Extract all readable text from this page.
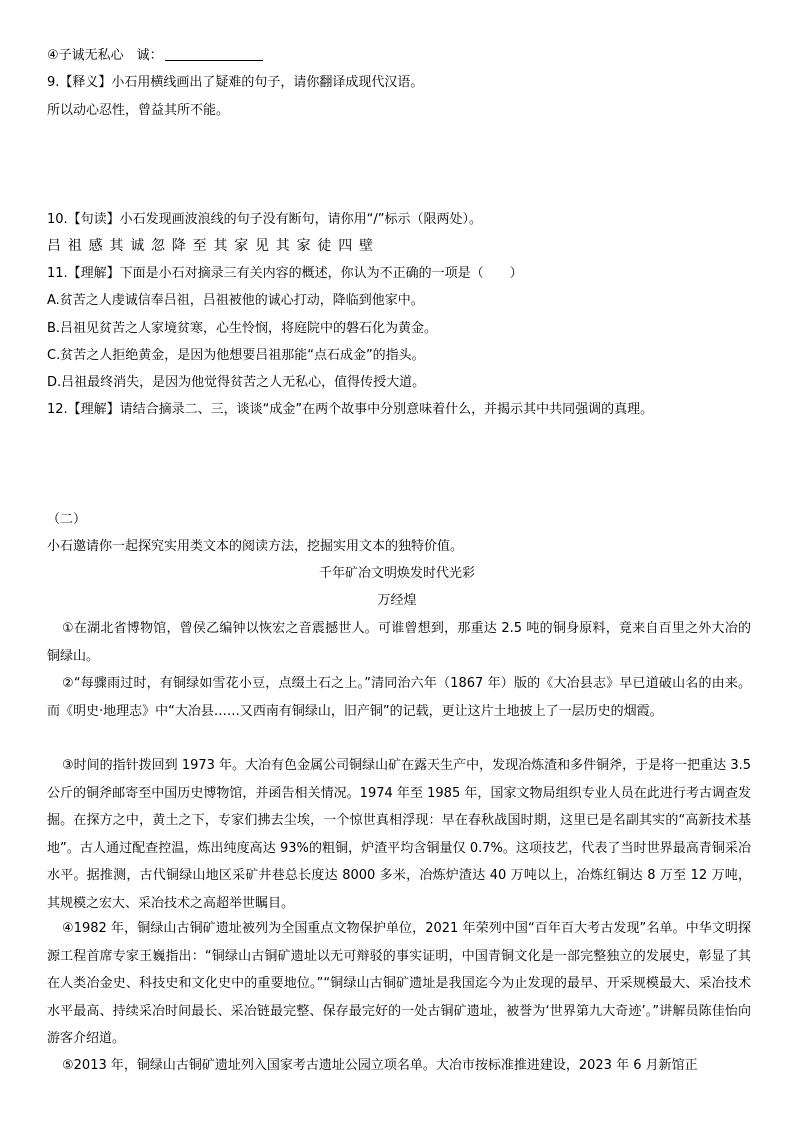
④子诚无私心　诚：
9.【释义】小石用横线画出了疑难的句子，请你翻译成现代汉语。
所以动心忍性，曾益其所不能。
10.【句读】小石发现画波浪线的句子没有断句，请你用“/”标示（限两处）。
吕祖感其诚忽降至其家见其家徒四壁
11.【理解】下面是小石对摘录三有关内容的概述，你认为不正确的一项是（　　）
A.贫苦之人虔诚信奉吕祖，吕祖被他的诚心打动，降临到他家中。
B.吕祖见贫苦之人家境贫寒，心生怜悯，将庭院中的磐石化为黄金。
C.贫苦之人拒绝黄金，是因为他想要吕祖那能“点石成金”的指头。
D.吕祖最终消失，是因为他觉得贫苦之人无私心，值得传授大道。
12.【理解】请结合摘录二、三，谈谈“成金”在两个故事中分别意味着什么，并揭示其中共同强调的真理。
（二）
小石邀请你一起探究实用类文本的阅读方法，挖掘实用文本的独特价值。
千年矿冶文明焕发时代光彩
万经煌
①在湖北省博物馆，曾侯乙编钟以恢宏之音震撼世人。可谁曾想到，那重达 2.5 吨的铜身原料，竟来自百里之外大冶的铜绿山。
②“每骤雨过时，有铜绿如雪花小豆，点缀土石之上。”清同治六年（1867 年）版的《大冶县志》早已道破山名的由来。而《明史·地理志》中“大冶县……又西南有铜绿山，旧产铜”的记载，更让这片土地披上了一层历史的烟霞。
③时间的指针拨回到 1973 年。大冶有色金属公司铜绿山矿在露天生产中，发现冶炼渣和多件铜斧，于是将一把重达 3.5 公斤的铜斧邮寄至中国历史博物馆，并函告相关情况。1974 年至 1985 年，国家文物局组织专业人员在此进行考古调查发掘。在探方之中，黄土之下，专家们拂去尘埃，一个惊世真相浮现：早在春秋战国时期，这里已是名副其实的“高新技术基地”。古人通过配查控温，炼出纯度高达 93%的粗铜，炉渣平均含铜量仅 0.7%。这项技艺，代表了当时世界最高青铜采冶水平。据推测，古代铜绿山地区采矿井巷总长度达 8000 多米，冶炼炉渣达 40 万吨以上，冶炼红铜达 8 万至 12 万吨，其规模之宏大、采冶技术之高超举世瞩目。
④1982 年，铜绿山古铜矿遗址被列为全国重点文物保护单位，2021 年荣列中国“百年百大考古发现”名单。中华文明探源工程首席专家王巍指出：“铜绿山古铜矿遗址以无可辩驳的事实证明，中国青铜文化是一部完整独立的发展史，彰显了其在人类冶金史、科技史和文化史中的重要地位。”“铜绿山古铜矿遗址是我国迄今为止发现的最早、开采规模最大、采冶技术水平最高、持续采冶时间最长、采冶链最完整、保存最完好的一处古铜矿遗址，被誉为‘世界第九大奇迹’。”讲解员陈佳怡向游客介绍道。
⑤2013 年，铜绿山古铜矿遗址列入国家考古遗址公园立项名单。大冶市按标准推进建设，2023 年 6 月新馆正
